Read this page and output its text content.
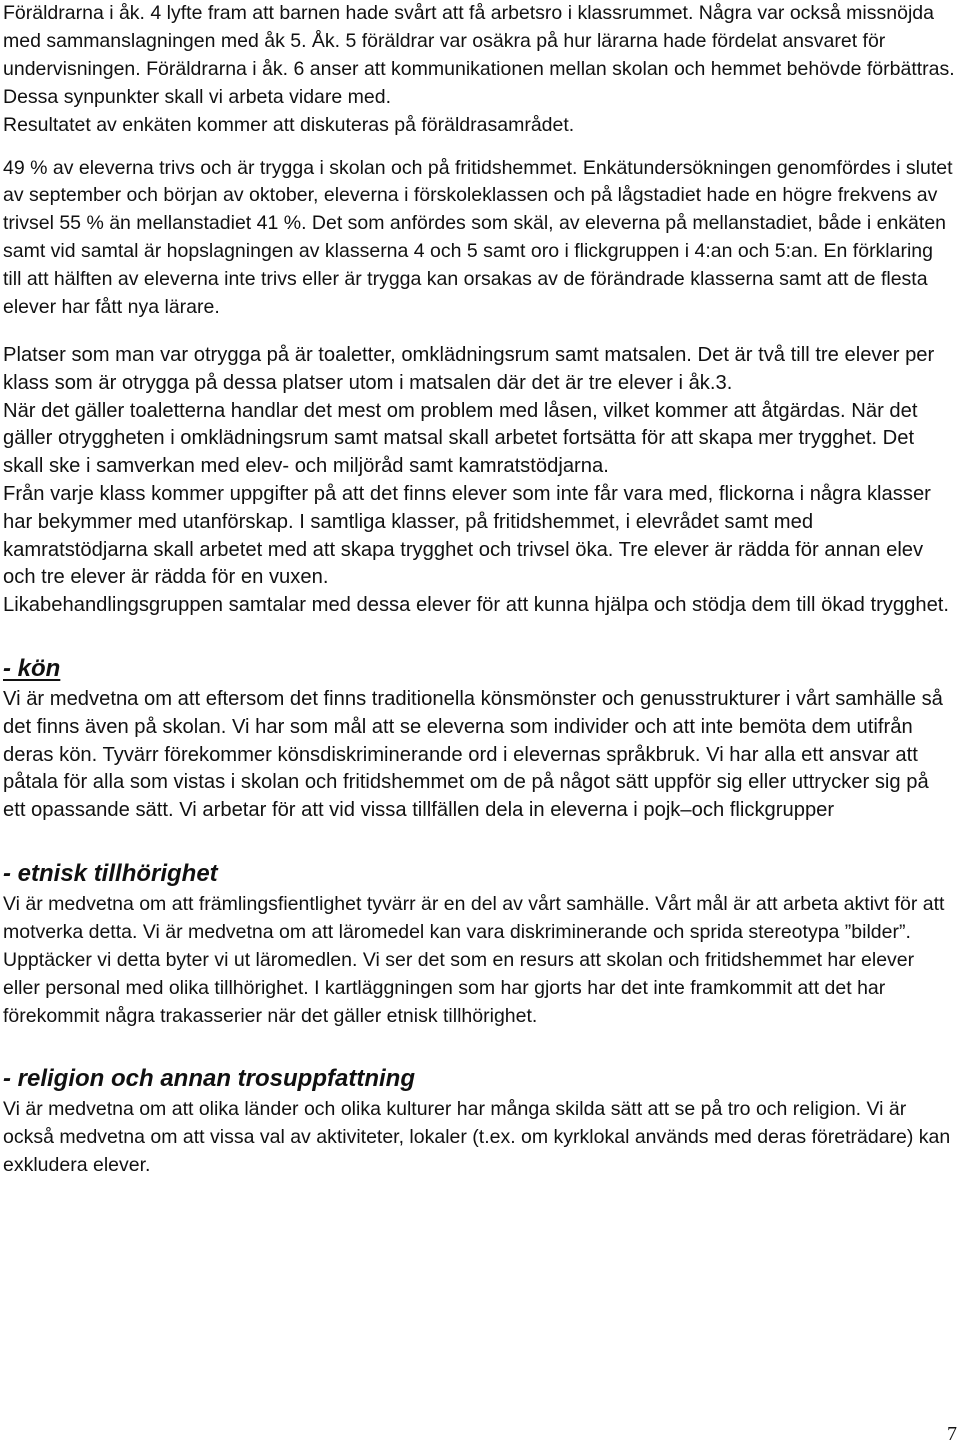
Föräldrarna i åk. 4 lyfte fram att barnen hade svårt att få arbetsro i klassrummet. Några var också missnöjda med sammanslagningen med åk 5. Åk. 5 föräldrar var osäkra på hur lärarna hade fördelat ansvaret för undervisningen. Föräldrarna i åk. 6 anser att kommunikationen mellan skolan och hemmet behövde förbättras. Dessa synpunkter skall vi arbeta vidare med.

Resultatet av enkäten kommer att diskuteras på föräldrasamrådet.

49 % av eleverna trivs och är trygga i skolan och på fritidshemmet. Enkätundersökningen genomfördes i slutet av september och början av oktober, eleverna i förskoleklassen och på lågstadiet hade en högre frekvens av trivsel 55 % än mellanstadiet 41 %. Det som anfördes som skäl, av eleverna på mellanstadiet, både i enkäten samt vid samtal är hopslagningen av klasserna 4 och 5 samt oro i flickgruppen i 4:an och 5:an. En förklaring till att hälften av eleverna inte trivs eller är trygga kan orsakas av de förändrade klasserna samt att de flesta elever har fått nya lärare.

Platser som man var otrygga på är toaletter, omklädningsrum samt matsalen. Det är två till tre elever per klass som är otrygga på dessa platser utom i matsalen där det är tre elever i åk.3.

När det gäller toaletterna handlar det mest om problem med låsen, vilket kommer att åtgärdas. När det gäller otryggheten i omklädningsrum samt matsal skall arbetet fortsätta för att skapa mer trygghet. Det skall ske i samverkan med elev- och miljöråd samt kamratstödjarna.

Från varje klass kommer uppgifter på att det finns elever som inte får vara med, flickorna i några klasser har bekymmer med utanförskap. I samtliga klasser, på fritidshemmet, i elevrådet samt med kamratstödjarna skall arbetet med att skapa trygghet och trivsel öka. Tre elever är rädda för annan elev och tre elever är rädda för en vuxen.

Likabehandlingsgruppen samtalar med dessa elever för att kunna hjälpa och stödja dem till ökad trygghet.

- kön

Vi är medvetna om att eftersom det finns traditionella könsmönster och genusstrukturer i vårt samhälle så det finns även på skolan. Vi har som mål att se eleverna som individer och att inte bemöta dem utifrån deras kön. Tyvärr förekommer könsdiskriminerande ord i elevernas språkbruk. Vi har alla ett ansvar att påtala för alla som vistas i skolan och fritidshemmet om de på något sätt uppför sig eller uttrycker sig på ett opassande sätt. Vi arbetar för att vid vissa tillfällen dela in eleverna i pojk–och flickgrupper

- etnisk tillhörighet

Vi är medvetna om att främlingsfientlighet tyvärr är en del av vårt samhälle. Vårt mål är att arbeta aktivt för att motverka detta. Vi är medvetna om att läromedel kan vara diskriminerande och sprida stereotypa ”bilder”. Upptäcker vi detta byter vi ut läromedlen. Vi ser det som en resurs att skolan och fritidshemmet har elever eller personal med olika tillhörighet. I kartläggningen som har gjorts har det inte framkommit att det har förekommit några trakasserier när det gäller etnisk tillhörighet.

- religion och annan trosuppfattning

Vi är medvetna om att olika länder och olika kulturer har många skilda sätt att se på tro och religion. Vi är också medvetna om att vissa val av aktiviteter, lokaler (t.ex. om kyrklokal används med deras företrädare) kan exkludera elever.

7
